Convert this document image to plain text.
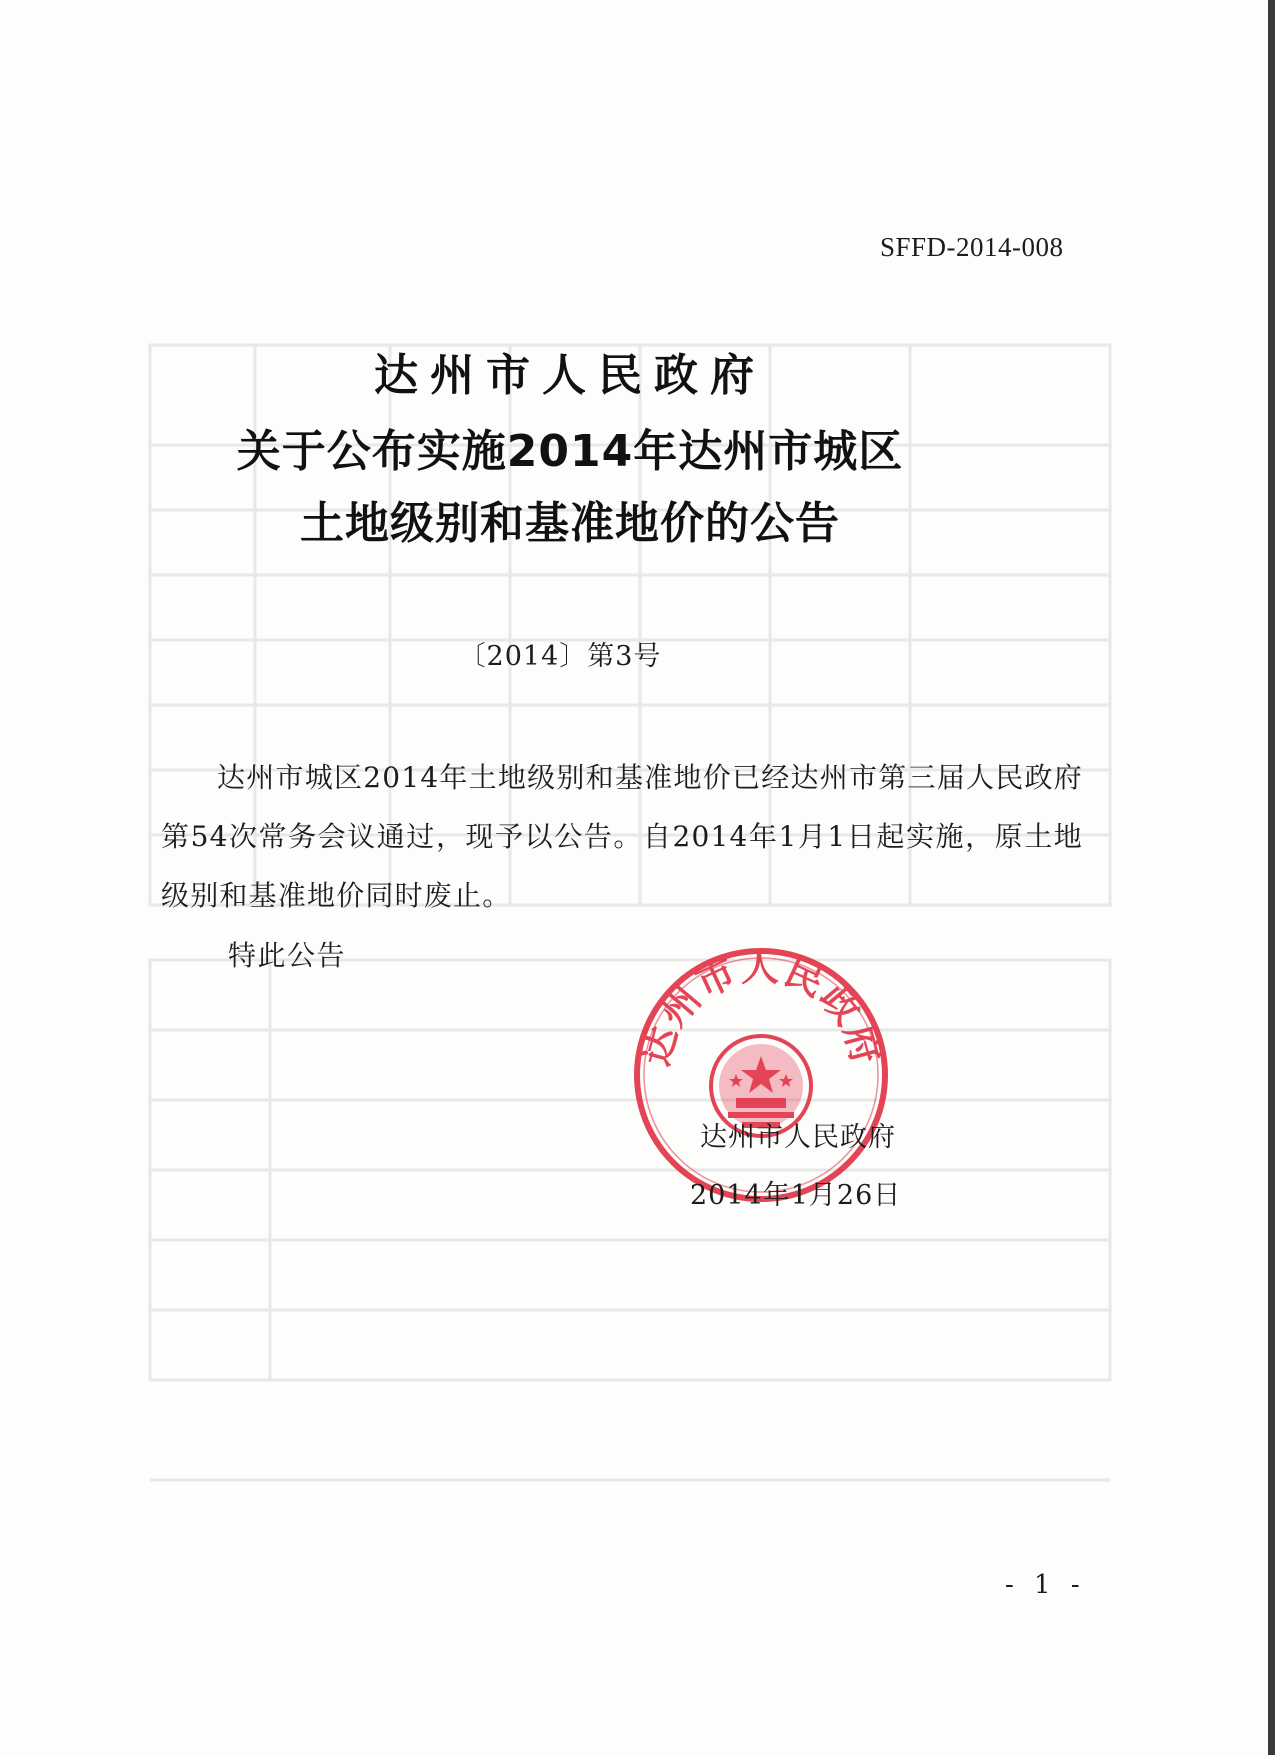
SFFD-2014-008
达州市人民政府
关于公布实施2014年达州市城区
土地级别和基准地价的公告
〔2014〕第3号

达州市城区2014年土地级别和基准地价已经达州市第三届人民政府第54次常务会议通过，现予以公告。自2014年1月1日起实施，原土地级别和基准地价同时废止。

特此公告
达州市人民政府
达州市人民政府
2014年1月26日
- 1 -
